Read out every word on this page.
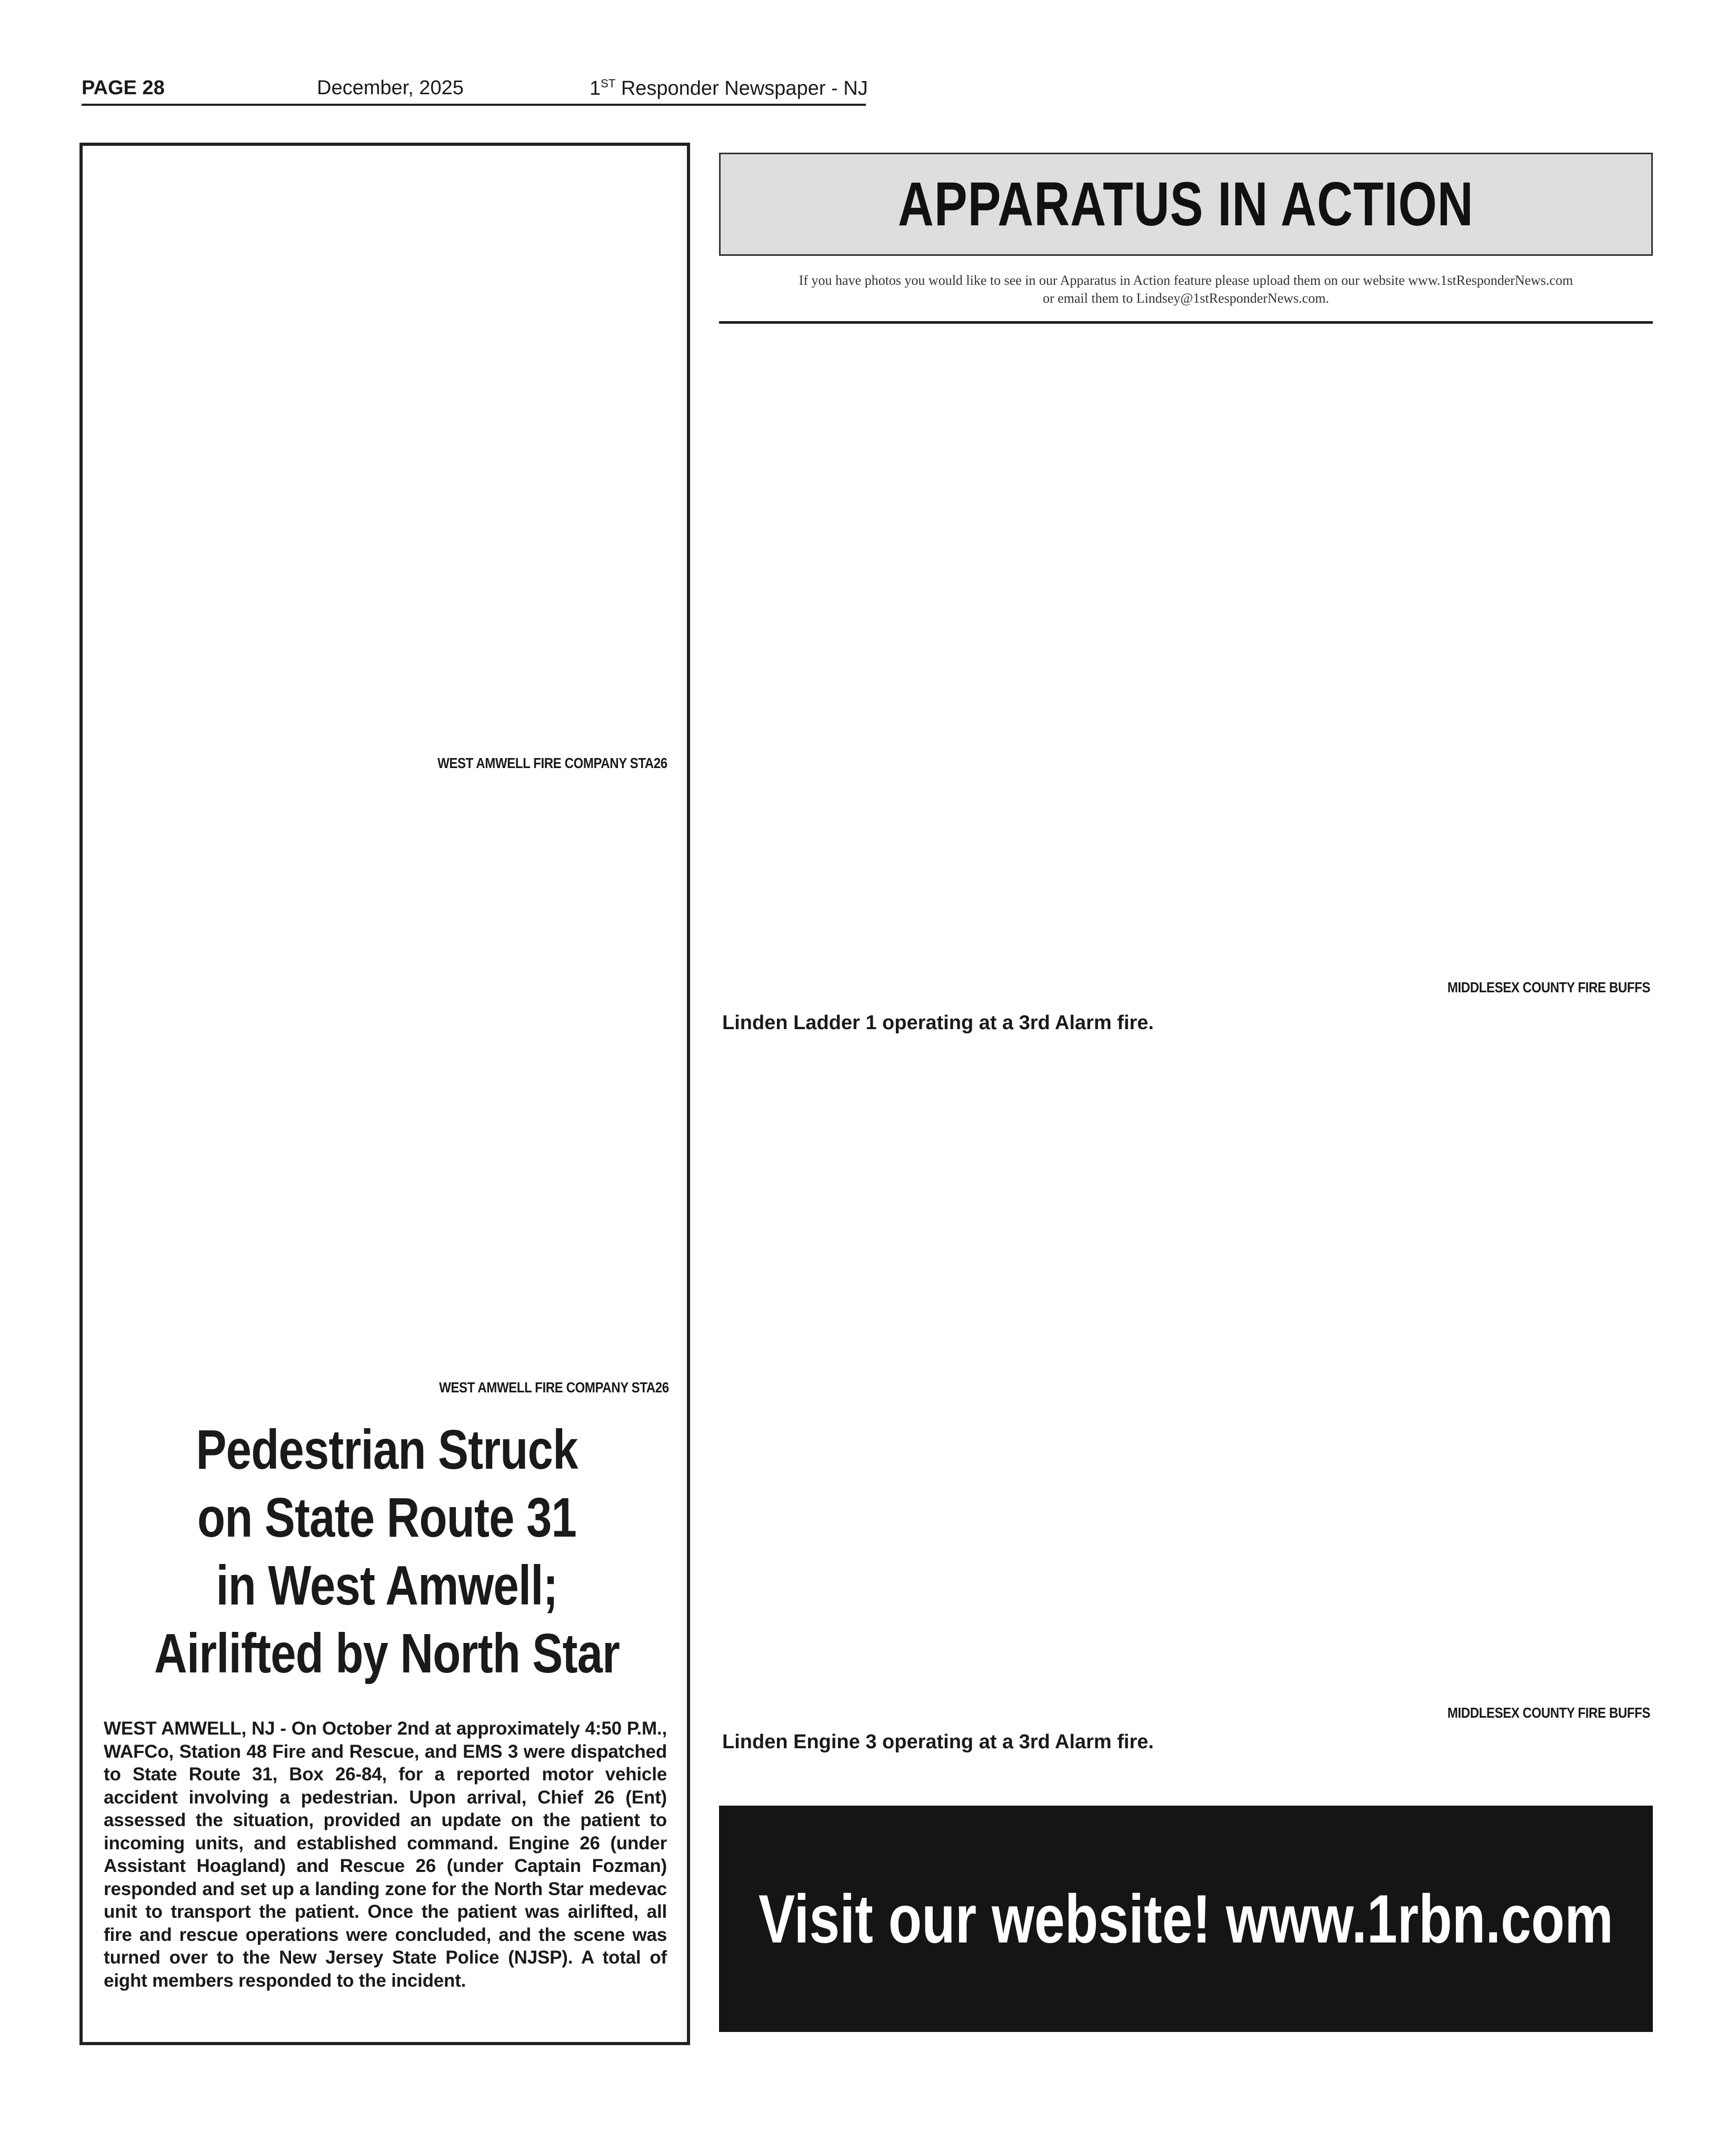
PAGE 28	December, 2025	1ST Responder Newspaper - NJ
WEST AMWELL FIRE COMPANY STA26
WEST AMWELL FIRE COMPANY STA26
Pedestrian Struck
on State Route 31
in West Amwell;
Airlifted by North Star
WEST AMWELL, NJ - On October 2nd at approximately 4:50 P.M., WAFCo, Station 48 Fire and Rescue, and EMS 3 were dispatched to State Route 31, Box 26-84, for a reported motor vehicle accident involving a pedestrian. Upon arrival, Chief 26 (Ent) assessed the situation, provided an update on the patient to incoming units, and established command. Engine 26 (under Assistant Hoagland) and Rescue 26 (under Captain Fozman) responded and set up a landing zone for the North Star medevac unit to transport the patient. Once the patient was airlifted, all fire and rescue operations were concluded, and the scene was turned over to the New Jersey State Police (NJSP). A total of eight members responded to the incident.
APPARATUS IN ACTION
If you have photos you would like to see in our Apparatus in Action feature please upload them on our website www.1stResponderNews.com
or email them to Lindsey@1stResponderNews.com.
MIDDLESEX COUNTY FIRE BUFFS
Linden Ladder 1 operating at a 3rd Alarm fire.
MIDDLESEX COUNTY FIRE BUFFS
Linden Engine 3 operating at a 3rd Alarm fire.
Visit our website! www.1rbn.com
